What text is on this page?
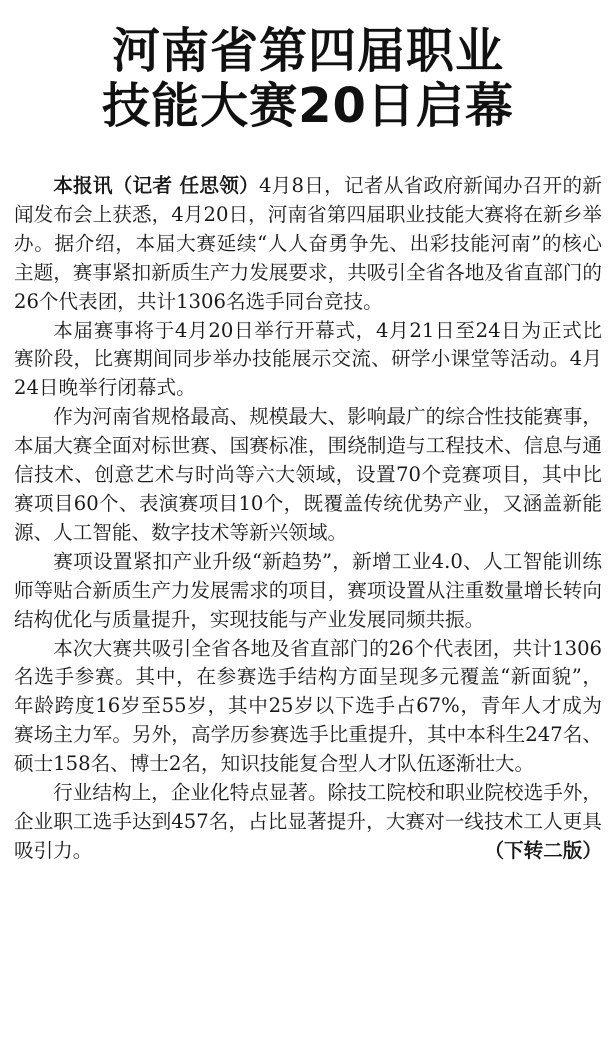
河南省第四届职业
技能大赛20日启幕

本报讯（记者 任思领）4月8日，记者从省政府新闻办召开的新闻发布会上获悉，4月20日，河南省第四届职业技能大赛将在新乡举办。据介绍，本届大赛延续“人人奋勇争先、出彩技能河南”的核心主题，赛事紧扣新质生产力发展要求，共吸引全省各地及省直部门的26个代表团，共计1306名选手同台竞技。

本届赛事将于4月20日举行开幕式，4月21日至24日为正式比赛阶段，比赛期间同步举办技能展示交流、研学小课堂等活动。4月24日晚举行闭幕式。

作为河南省规格最高、规模最大、影响最广的综合性技能赛事，本届大赛全面对标世赛、国赛标准，围绕制造与工程技术、信息与通信技术、创意艺术与时尚等六大领域，设置70个竞赛项目，其中比赛项目60个、表演赛项目10个，既覆盖传统优势产业，又涵盖新能源、人工智能、数字技术等新兴领域。

赛项设置紧扣产业升级“新趋势”，新增工业4.0、人工智能训练师等贴合新质生产力发展需求的项目，赛项设置从注重数量增长转向结构优化与质量提升，实现技能与产业发展同频共振。

本次大赛共吸引全省各地及省直部门的26个代表团，共计1306名选手参赛。其中，在参赛选手结构方面呈现多元覆盖“新面貌”，年龄跨度16岁至55岁，其中25岁以下选手占67%，青年人才成为赛场主力军。另外，高学历参赛选手比重提升，其中本科生247名、硕士158名、博士2名，知识技能复合型人才队伍逐渐壮大。

行业结构上，企业化特点显著。除技工院校和职业院校选手外，企业职工选手达到457名，占比显著提升，大赛对一线技术工人更具吸引力。	（下转二版）
